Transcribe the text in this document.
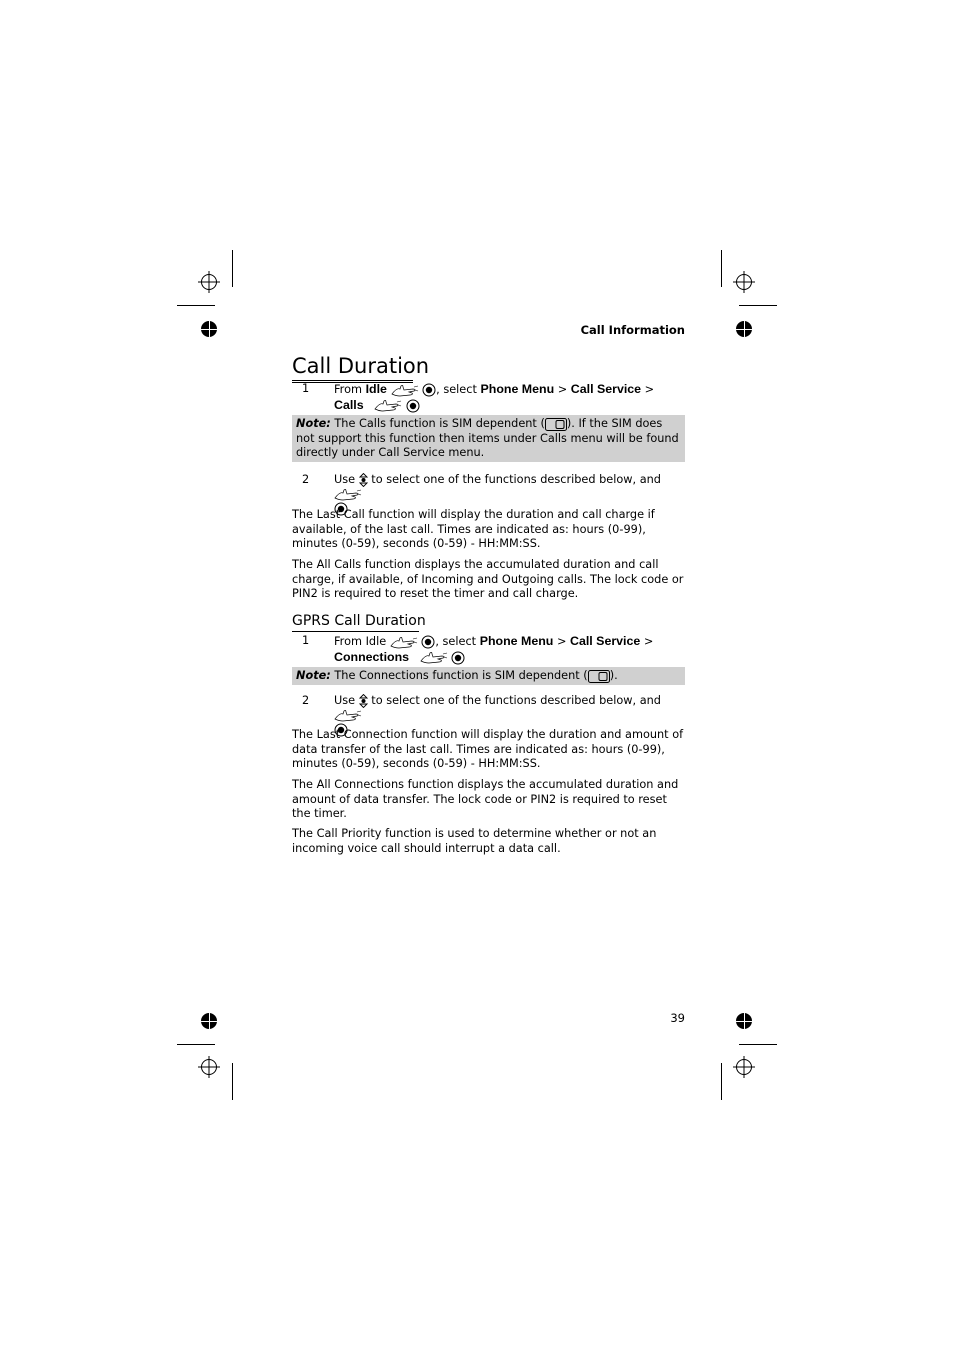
Call Information
Call Duration
1 From Idle
	, select Phone Menu > Call Service >
Calls

Note: The Calls function is SIM dependent ( ). If the SIM does not support this function then items under Calls menu will be found directly under Call Service menu.
2 Use
to select one of the functions described below, and

The Last Call function will display the duration and call charge if available, of the last call. Times are indicated as: hours (0-99), minutes (0-59), seconds (0-59) - HH:MM:SS.

The All Calls function displays the accumulated duration and call charge, if available, of Incoming and Outgoing calls. The lock code or PIN2 is required to reset the timer and call charge.

GPRS Call Duration
1 From Idle
	, select Phone Menu > Call Service >
Connections

Note: The Connections function is SIM dependent ( ).
2 Use
to select one of the functions described below, and

The Last Connection function will display the duration and amount of data transfer of the last call. Times are indicated as: hours (0-99), minutes (0-59), seconds (0-59) - HH:MM:SS.

The All Connections function displays the accumulated duration and amount of data transfer. The lock code or PIN2 is required to reset the timer.

The Call Priority function is used to determine whether or not an incoming voice call should interrupt a data call.

39
